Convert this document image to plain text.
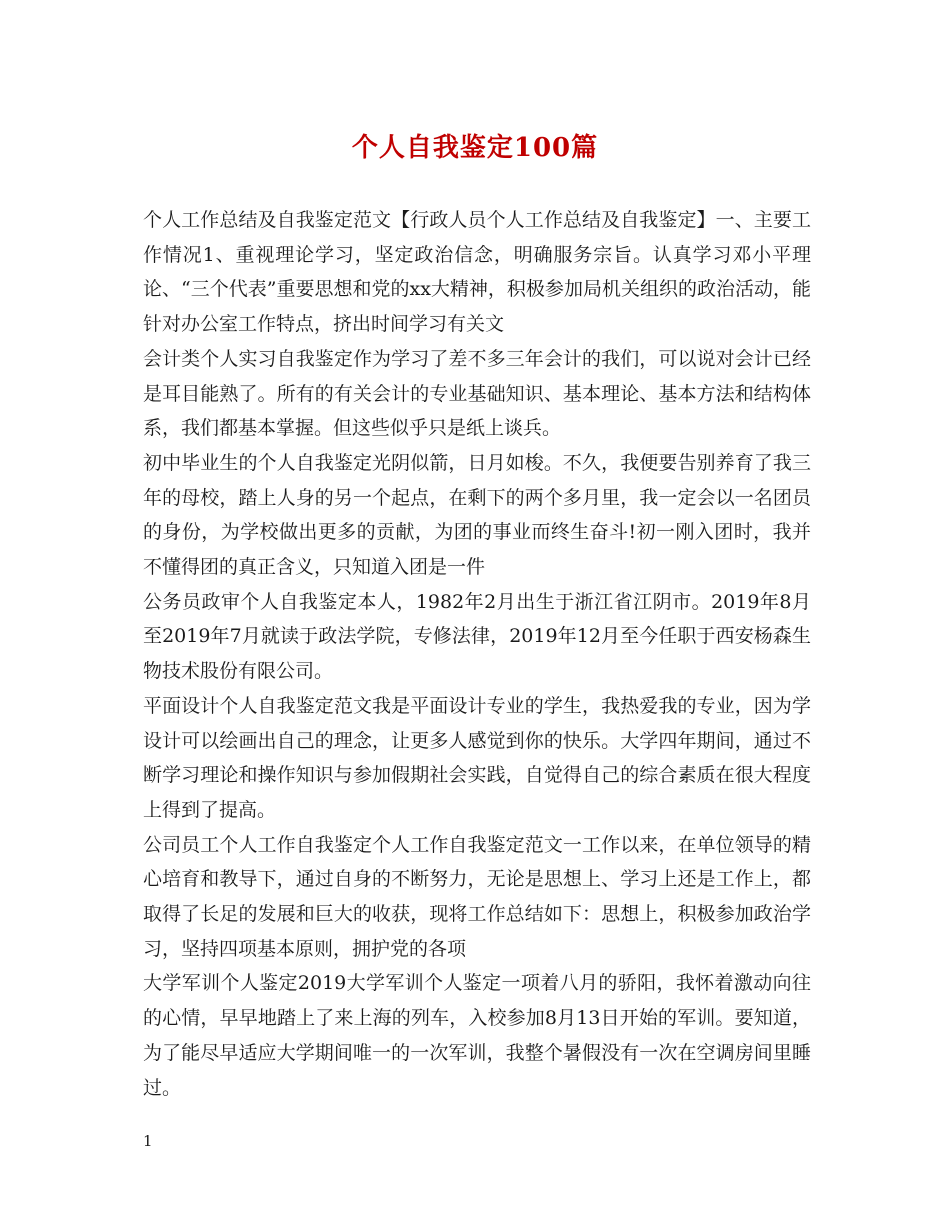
个人自我鉴定100篇

个人工作总结及自我鉴定范文【行政人员个人工作总结及自我鉴定】一、主要工作情况1、重视理论学习，坚定政治信念，明确服务宗旨。认真学习邓小平理论、“三个代表”重要思想和党的xx大精神，积极参加局机关组织的政治活动，能针对办公室工作特点，挤出时间学习有关文

会计类个人实习自我鉴定作为学习了差不多三年会计的我们，可以说对会计已经是耳目能熟了。所有的有关会计的专业基础知识、基本理论、基本方法和结构体系，我们都基本掌握。但这些似乎只是纸上谈兵。

初中毕业生的个人自我鉴定光阴似箭，日月如梭。不久，我便要告别养育了我三年的母校，踏上人身的另一个起点，在剩下的两个多月里，我一定会以一名团员的身份，为学校做出更多的贡献，为团的事业而终生奋斗!初一刚入团时，我并不懂得团的真正含义，只知道入团是一件

公务员政审个人自我鉴定本人，1982年2月出生于浙江省江阴市。2019年8月至2019年7月就读于政法学院，专修法律，2019年12月至今任职于西安杨森生物技术股份有限公司。

平面设计个人自我鉴定范文我是平面设计专业的学生，我热爱我的专业，因为学设计可以绘画出自己的理念，让更多人感觉到你的快乐。大学四年期间，通过不断学习理论和操作知识与参加假期社会实践，自觉得自己的综合素质在很大程度上得到了提高。

公司员工个人工作自我鉴定个人工作自我鉴定范文一工作以来，在单位领导的精心培育和教导下，通过自身的不断努力，无论是思想上、学习上还是工作上，都取得了长足的发展和巨大的收获，现将工作总结如下：思想上，积极参加政治学习，坚持四项基本原则，拥护党的各项

大学军训个人鉴定2019大学军训个人鉴定一项着八月的骄阳，我怀着激动向往的心情，早早地踏上了来上海的列车，入校参加8月13日开始的军训。要知道，为了能尽早适应大学期间唯一的一次军训，我整个暑假没有一次在空调房间里睡过。

1
